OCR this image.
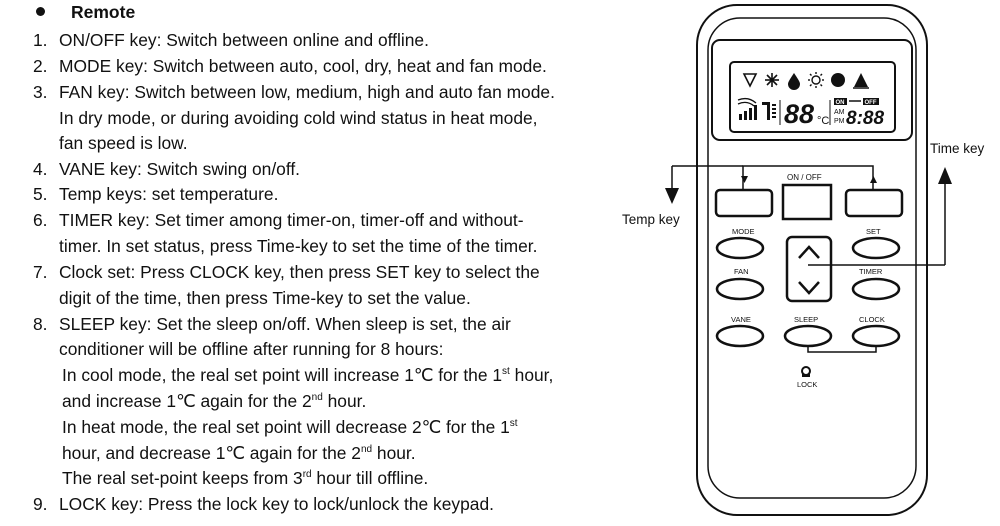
Remote
1. ON/OFF key: Switch between online and offline.
2. MODE key: Switch between auto, cool, dry, heat and fan mode.
3. FAN key: Switch between low, medium, high and auto fan mode.
In dry mode, or during avoiding cold wind status in heat mode,
fan speed is low.
4. VANE key: Switch swing on/off.
5. Temp keys: set temperature.
6. TIMER key: Set timer among timer-on, timer-off and without-
timer. In set status, press Time-key to set the time of the timer.
7. Clock set: Press CLOCK key, then press SET key to select the
digit of the time, then press Time-key to set the value.
8. SLEEP key: Set the sleep on/off. When sleep is set, the air
conditioner will be offline after running for 8 hours:
In cool mode, the real set point will increase 1℃ for the 1st hour,
and increase 1℃ again for the 2nd hour.
In heat mode, the real set point will decrease 2℃ for the 1st
hour, and decrease 1℃ again for the 2nd hour.
The real set-point keeps from 3rd hour till offline.
9. LOCK key: Press the lock key to lock/unlock the keypad.
88 °C
ON	OFF
AM
PM 8:88
ON / OFF
MODE	SET
FAN	TIMER
VANE	SLEEP	CLOCK
LOCK
Time key
Temp key
